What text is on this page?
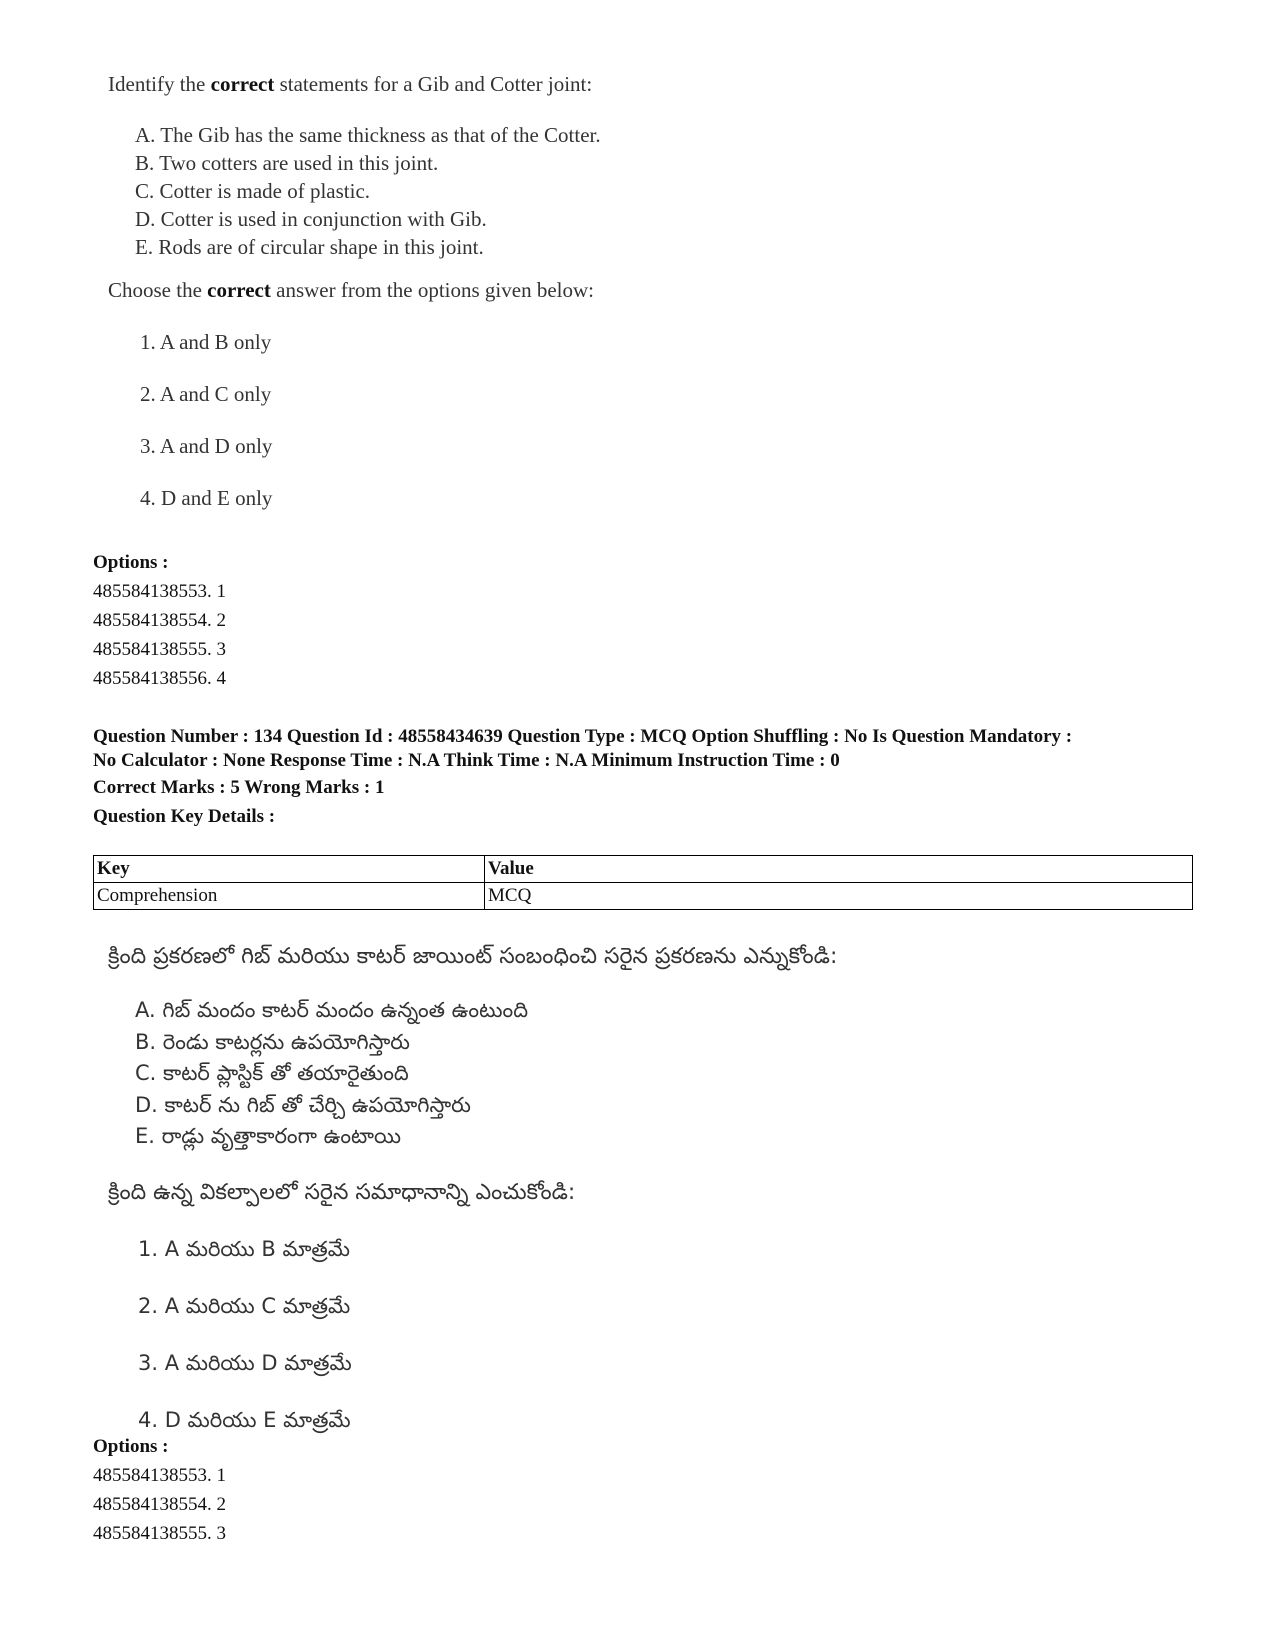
Identify the correct statements for a Gib and Cotter joint:

A. The Gib has the same thickness as that of the Cotter.
B. Two cotters are used in this joint.
C. Cotter is made of plastic.
D. Cotter is used in conjunction with Gib.
E. Rods are of circular shape in this joint.

Choose the correct answer from the options given below:

1. A and B only
2. A and C only
3. A and D only
4. D and E only
Options :
485584138553. 1
485584138554. 2
485584138555. 3
485584138556. 4
Question Number : 134 Question Id : 48558434639 Question Type : MCQ Option Shuffling : No Is Question Mandatory :
No Calculator : None Response Time : N.A Think Time : N.A Minimum Instruction Time : 0
Correct Marks : 5 Wrong Marks : 1
Question Key Details :
Key	Value
Comprehension	MCQ
క్రింది ప్రకరణలో గిబ్ మరియు కాటర్ జాయింట్ సంబంధించి సరైన ప్రకరణను ఎన్నుకోండి:
A. గిబ్ మందం కాటర్ మందం ఉన్నంత ఉంటుంది
B. రెండు కాటర్లను ఉపయోగిస్తారు
C. కాటర్ ప్లాస్టిక్ తో తయారైతుంది
D. కాటర్ ను గిబ్ తో చేర్చి ఉపయోగిస్తారు
E. రాడ్లు వృత్తాకారంగా ఉంటాయి
క్రింది ఉన్న వికల్పాలలో సరైన సమాధానాన్ని ఎంచుకోండి:
1. A మరియు B మాత్రమే
2. A మరియు C మాత్రమే
3. A మరియు D మాత్రమే
4. D మరియు E మాత్రమే
Options :
485584138553. 1
485584138554. 2
485584138555. 3
